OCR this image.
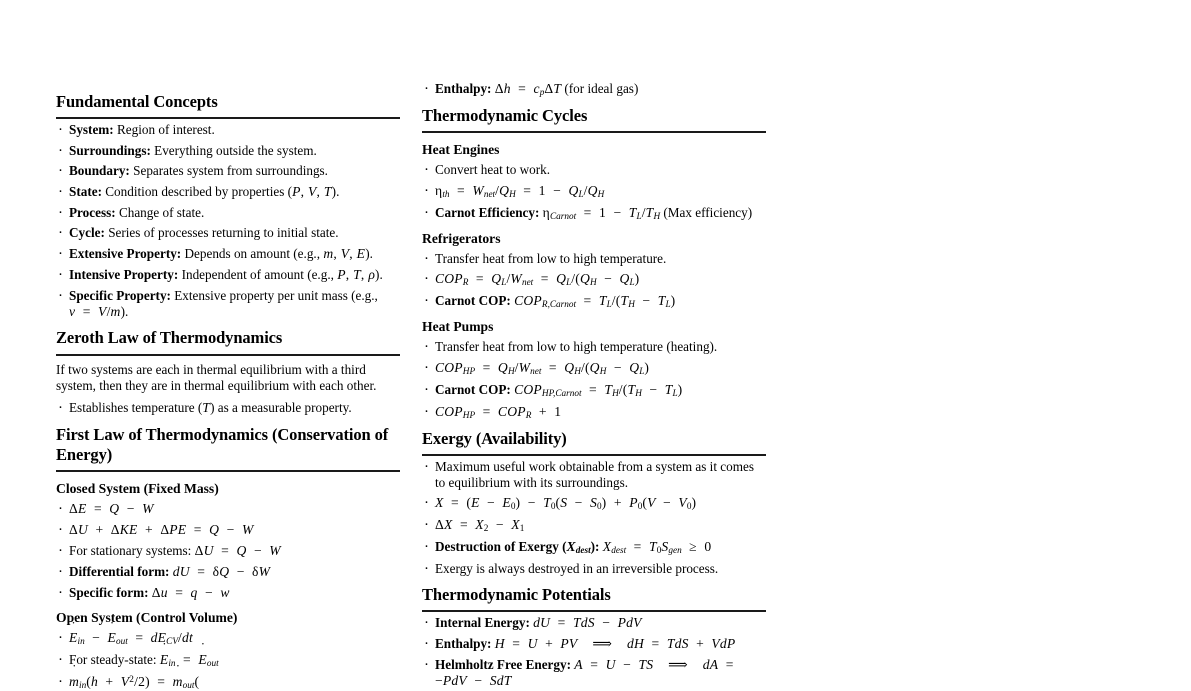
Fundamental Concepts
· System: Region of interest.
· Surroundings: Everything outside the system.
· Boundary: Separates system from surroundings.
· State: Condition described by properties (P, V, T).
· Process: Change of state.
· Cycle: Series of processes returning to initial state.
· Extensive Property: Depends on amount (e.g., m, V, E).
· Intensive Property: Independent of amount (e.g., P, T, ρ).
· Specific Property: Extensive property per unit mass (e.g., v = V/m).
Zeroth Law of Thermodynamics

If two systems are each in thermal equilibrium with a third system, then they are in thermal equilibrium with each other.

· Establishes temperature (T) as a measurable property.
First Law of Thermodynamics (Conservation of Energy)
Closed System (Fixed Mass)
· ΔE = Q − W
· ΔU + ΔKE + ΔPE = Q − W
· For stationary systems: ΔU = Q − W
· Differential form: dU = δQ − δW
· Specific form: Δu = q − w
Open System (Control Volume)
· E $˙_{in} - E$ $˙_{out} = dE_{CV}/dt$
· For steady-state: E $˙_{in} = E$ $˙_{out}$
· m $˙_{in}(h + V^2/2) = m$ $˙_{out}$(
· Enthalpy: $\Delta h = c_p\Delta T$ (for ideal gas)
Thermodynamic Cycles
Heat Engines
· Convert heat to work.
· $\eta_{th} = W_{net}/Q_H = 1 - Q_L/Q_H$
· Carnot Efficiency: $\eta_{Carnot} = 1 - T_L/T_H$ (Max efficiency)
Refrigerators
· Transfer heat from low to high temperature.
· $COP_R = Q_L/W_{net} = Q_L/(Q_H - Q_L)$
· Carnot COP: $COP_{R,Carnot} = T_L/(T_H - T_L)$
Heat Pumps
· Transfer heat from low to high temperature (heating).
· $COP_{HP} = Q_H/W_{net} = Q_H/(Q_H - Q_L)$
· Carnot COP: $COP_{HP,Carnot} = T_H/(T_H - T_L)$
· $COP_{HP} = COP_R + 1$
Exergy (Availability)
· Maximum useful work obtainable from a system as it comes to equilibrium with its surroundings.
· $X = (E - E_0) - T_0(S - S_0) + P_0(V - V_0)$
· $\Delta X = X_2 - X_1$
· Destruction of Exergy $(X_{dest})$: $X_{dest} = T_0S_{gen} \ge 0$
· Exergy is always destroyed in an irreversible process.
Thermodynamic Potentials
· Internal Energy: dU = TdS − PdV
· Enthalpy: H = U + PV ⟹ dH = TdS + VdP
· Helmholtz Free Energy: A = U − TS ⟹ dA =
−PdV − SdT
